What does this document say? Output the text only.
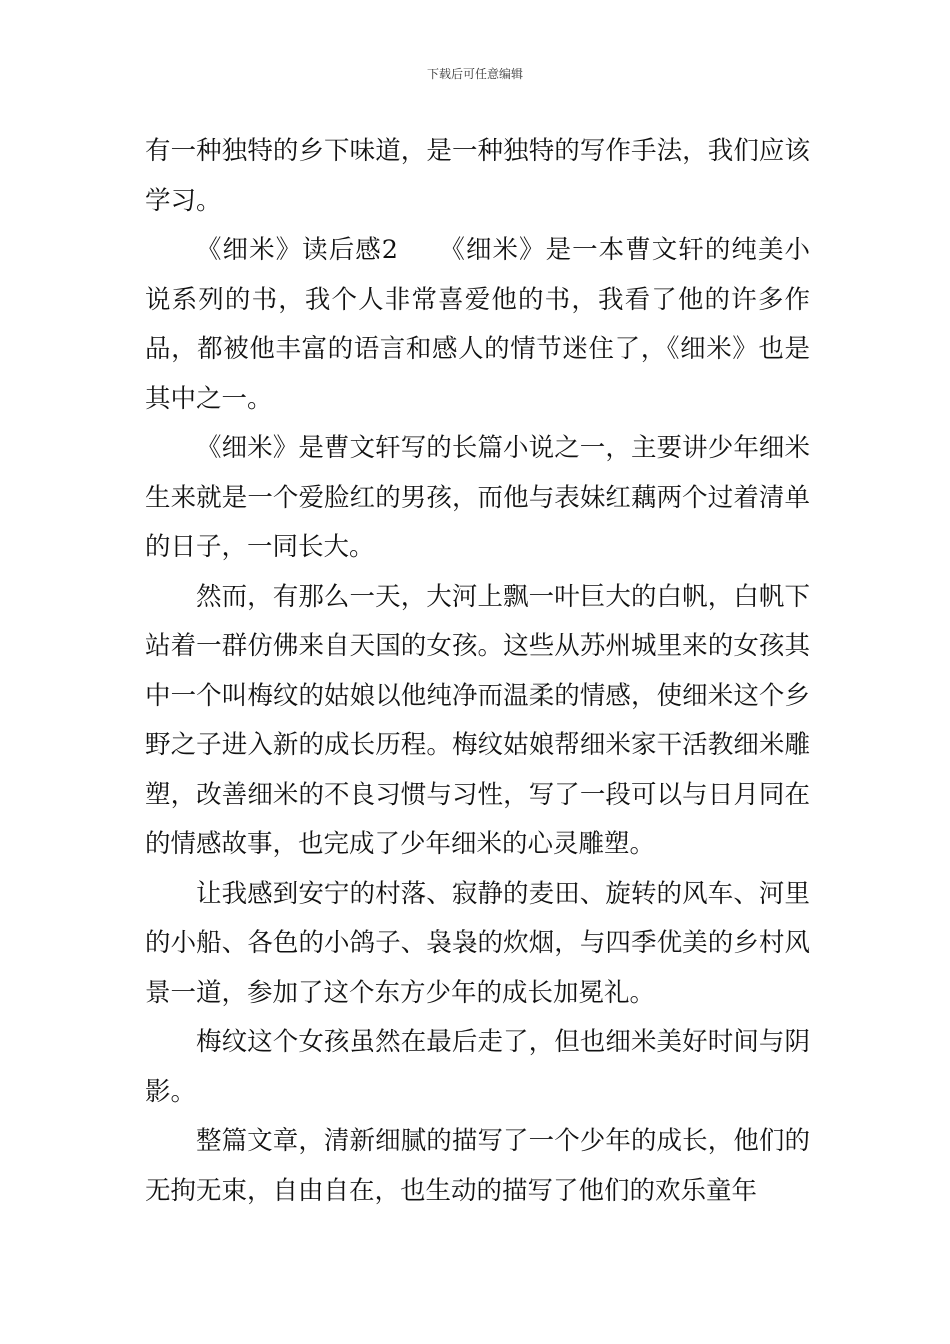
下载后可任意编辑

有一种独特的乡下味道，是一种独特的写作手法，我们应该学习。

《细米》读后感2　　《细米》是一本曹文轩的纯美小说系列的书，我个人非常喜爱他的书，我看了他的许多作品，都被他丰富的语言和感人的情节迷住了，《细米》也是其中之一。

《细米》是曹文轩写的长篇小说之一，主要讲少年细米生来就是一个爱脸红的男孩，而他与表妹红藕两个过着清单的日子，一同长大。

然而，有那么一天，大河上飘一叶巨大的白帆，白帆下站着一群仿佛来自天国的女孩。这些从苏州城里来的女孩其中一个叫梅纹的姑娘以他纯净而温柔的情感，使细米这个乡野之子进入新的成长历程。梅纹姑娘帮细米家干活教细米雕塑，改善细米的不良习惯与习性，写了一段可以与日月同在的情感故事，也完成了少年细米的心灵雕塑。

让我感到安宁的村落、寂静的麦田、旋转的风车、河里的小船、各色的小鸽子、袅袅的炊烟，与四季优美的乡村风景一道，参加了这个东方少年的成长加冕礼。

梅纹这个女孩虽然在最后走了，但也细米美好时间与阴影。

整篇文章，清新细腻的描写了一个少年的成长，他们的无拘无束，自由自在，也生动的描写了他们的欢乐童年
